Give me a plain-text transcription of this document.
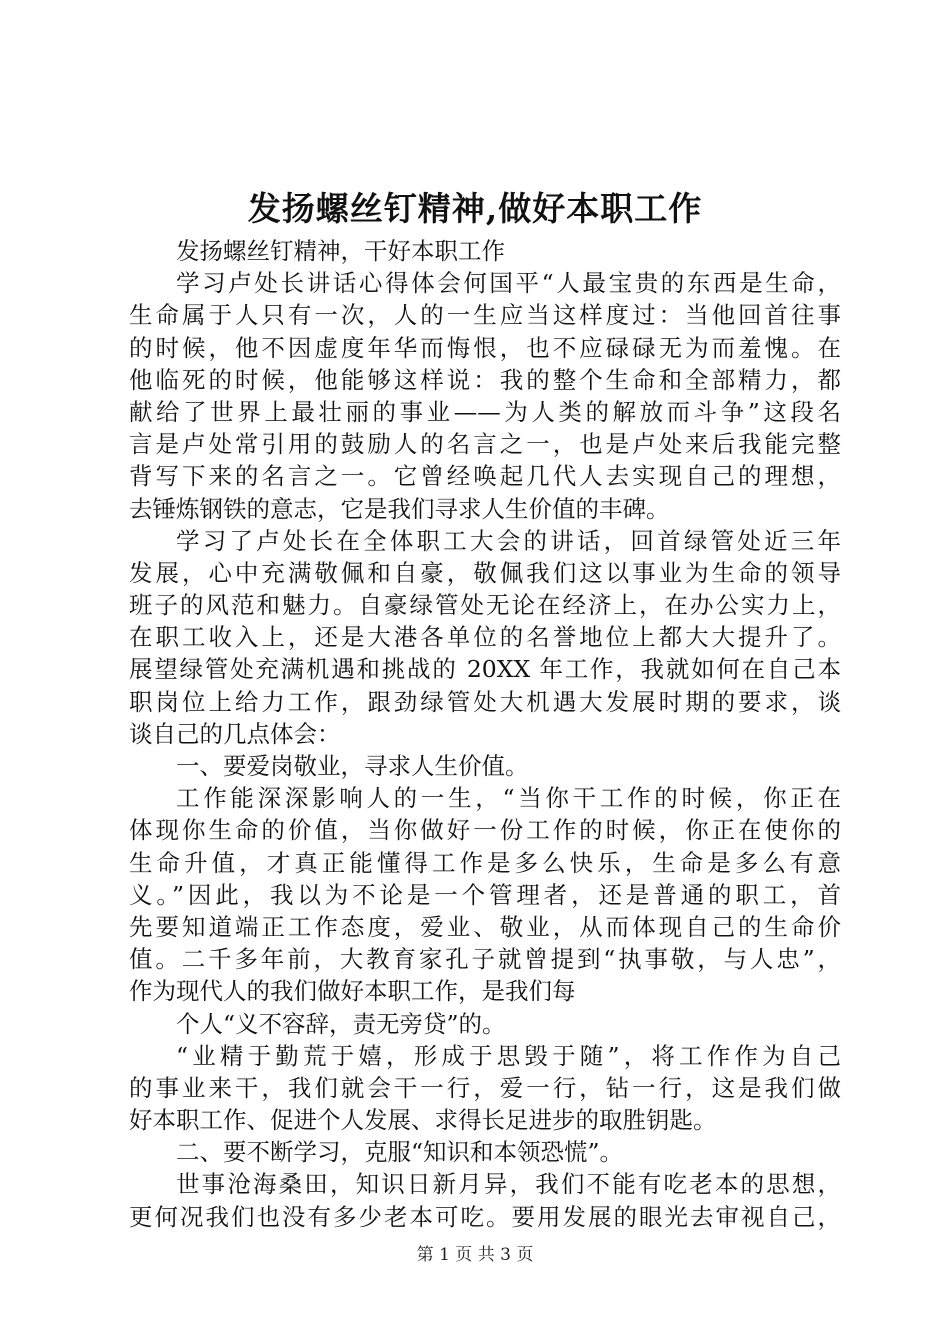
发扬螺丝钉精神,做好本职工作
发扬螺丝钉精神，干好本职工作
学习卢处长讲话心得体会何国平“人最宝贵的东西是生命，
生命属于人只有一次，人的一生应当这样度过：当他回首往事
的时候，他不因虚度年华而悔恨，也不应碌碌无为而羞愧。在
他临死的时候，他能够这样说：我的整个生命和全部精力，都
献给了世界上最壮丽的事业——为人类的解放而斗争”这段名
言是卢处常引用的鼓励人的名言之一，也是卢处来后我能完整
背写下来的名言之一。它曾经唤起几代人去实现自己的理想，
去锤炼钢铁的意志，它是我们寻求人生价值的丰碑。
学习了卢处长在全体职工大会的讲话，回首绿管处近三年
发展，心中充满敬佩和自豪，敬佩我们这以事业为生命的领导
班子的风范和魅力。自豪绿管处无论在经济上，在办公实力上，
在职工收入上，还是大港各单位的名誉地位上都大大提升了。
展望绿管处充满机遇和挑战的 20XX 年工作，我就如何在自己本
职岗位上给力工作，跟劲绿管处大机遇大发展时期的要求，谈
谈自己的几点体会：
一、要爱岗敬业，寻求人生价值。
工作能深深影响人的一生，“当你干工作的时候，你正在
体现你生命的价值，当你做好一份工作的时候，你正在使你的
生命升值，才真正能懂得工作是多么快乐，生命是多么有意
义。”因此，我以为不论是一个管理者，还是普通的职工，首
先要知道端正工作态度，爱业、敬业，从而体现自己的生命价
值。二千多年前，大教育家孔子就曾提到“执事敬，与人忠”，
作为现代人的我们做好本职工作，是我们每
个人“义不容辞，责无旁贷”的。
“业精于勤荒于嬉，形成于思毁于随”，将工作作为自己
的事业来干，我们就会干一行，爱一行，钻一行，这是我们做
好本职工作、促进个人发展、求得长足进步的取胜钥匙。
二、要不断学习，克服“知识和本领恐慌”。
世事沧海桑田，知识日新月异，我们不能有吃老本的思想，
更何况我们也没有多少老本可吃。要用发展的眼光去审视自己，
第 1 页 共 3 页
